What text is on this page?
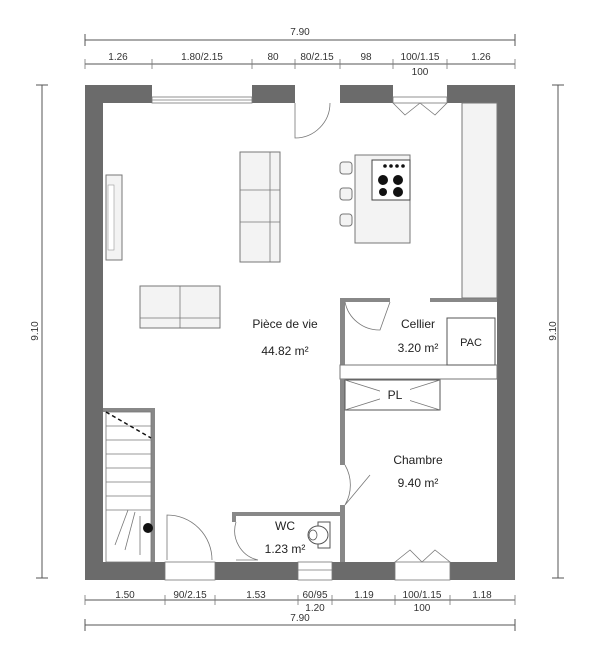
7.90
1.26	1.80/2.15	80 80/2.15	98	100/1.15	1.26
100
9.10	9.10
PAC
PL
Pièce de vie
44.82 m²
Cellier
3.20 m²
Chambre
9.40 m²
WC
1.23 m²
1.50	90/2.15	1.53	60/95	1.19	100/1.15	1.18
1.20	100
7.90
